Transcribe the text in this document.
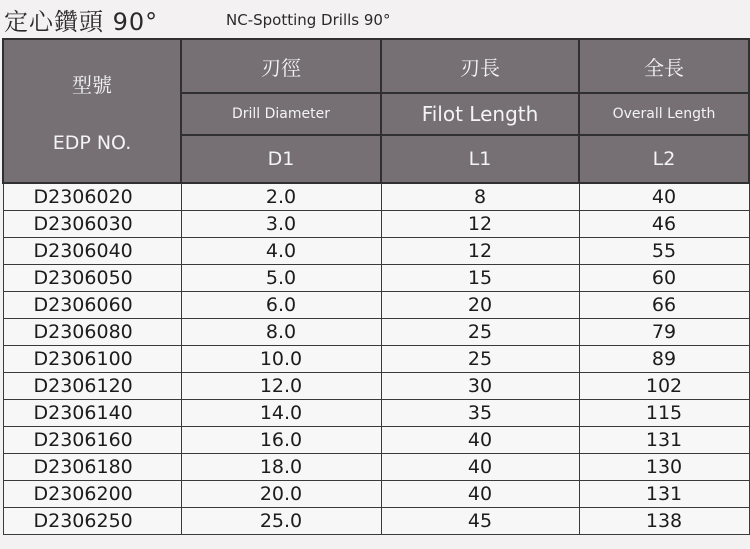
定心鑽頭 90°	NC-Spotting Drills 90°
型號
EDP NO.	刃徑	刃長	全長
	Drill Diameter	Filot Length	Overall Length
	D1	L1	L2
D2306020	2.0	8	40
D2306030	3.0	12	46
D2306040	4.0	12	55
D2306050	5.0	15	60
D2306060	6.0	20	66
D2306080	8.0	25	79
D2306100	10.0	25	89
D2306120	12.0	30	102
D2306140	14.0	35	115
D2306160	16.0	40	131
D2306180	18.0	40	130
D2306200	20.0	40	131
D2306250	25.0	45	138
